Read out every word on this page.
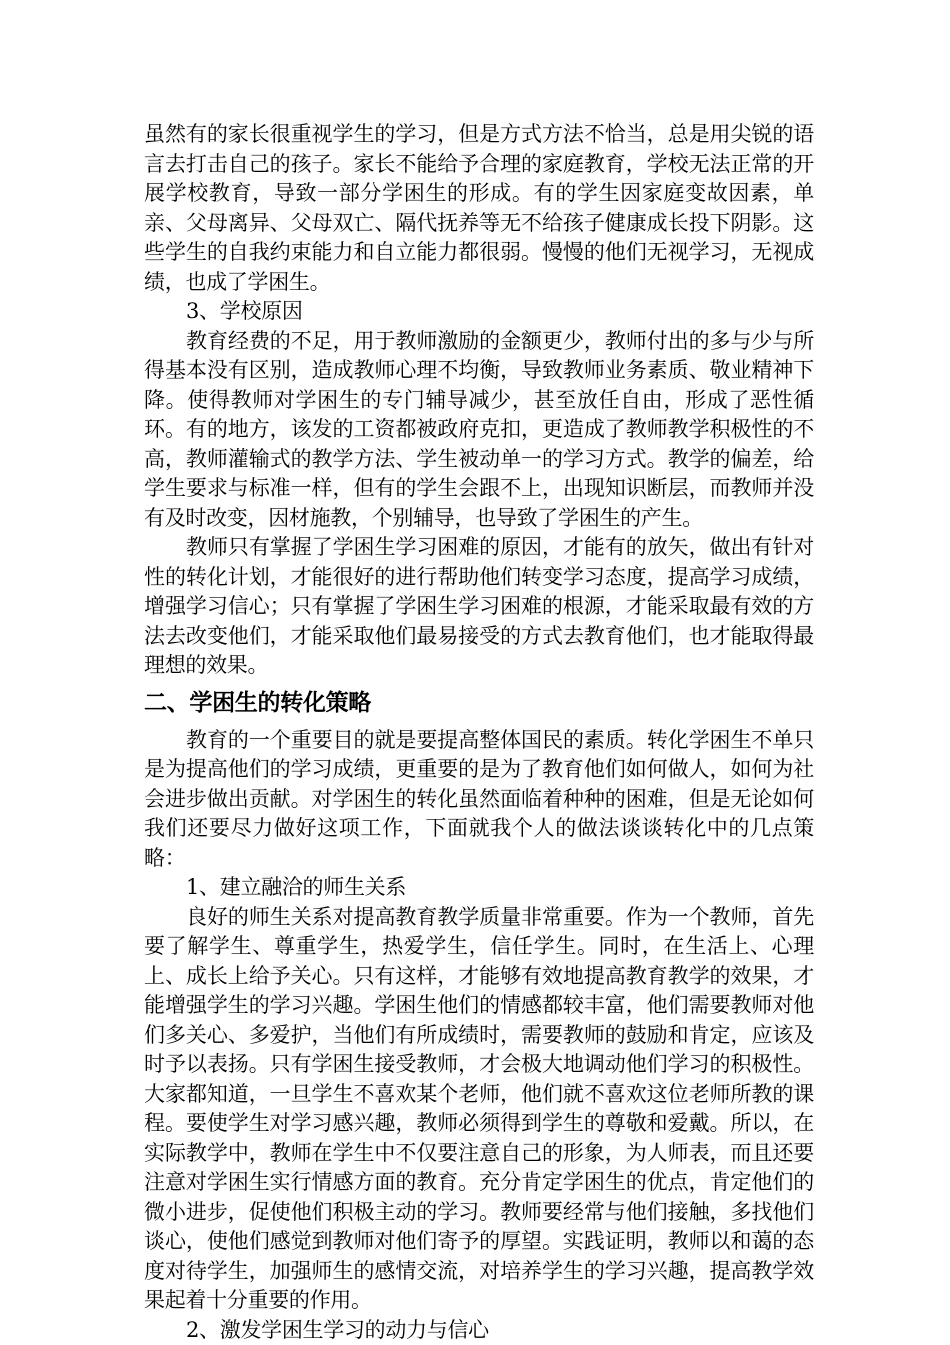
虽然有的家长很重视学生的学习，但是方式方法不恰当，总是用尖锐的语言去打击自己的孩子。家长不能给予合理的家庭教育，学校无法正常的开展学校教育，导致一部分学困生的形成。有的学生因家庭变故因素，单亲、父母离异、父母双亡、隔代抚养等无不给孩子健康成长投下阴影。这些学生的自我约束能力和自立能力都很弱。慢慢的他们无视学习，无视成绩，也成了学困生。

3、学校原因

教育经费的不足，用于教师激励的金额更少，教师付出的多与少与所得基本没有区别，造成教师心理不均衡，导致教师业务素质、敬业精神下降。使得教师对学困生的专门辅导减少，甚至放任自由，形成了恶性循环。有的地方，该发的工资都被政府克扣，更造成了教师教学积极性的不高，教师灌输式的教学方法、学生被动单一的学习方式。教学的偏差，给学生要求与标准一样，但有的学生会跟不上，出现知识断层，而教师并没有及时改变，因材施教，个别辅导，也导致了学困生的产生。

教师只有掌握了学困生学习困难的原因，才能有的放矢，做出有针对性的转化计划，才能很好的进行帮助他们转变学习态度，提高学习成绩，增强学习信心；只有掌握了学困生学习困难的根源，才能采取最有效的方法去改变他们，才能采取他们最易接受的方式去教育他们，也才能取得最理想的效果。

二、学困生的转化策略

教育的一个重要目的就是要提高整体国民的素质。转化学困生不单只是为提高他们的学习成绩，更重要的是为了教育他们如何做人，如何为社会进步做出贡献。对学困生的转化虽然面临着种种的困难，但是无论如何我们还要尽力做好这项工作，下面就我个人的做法谈谈转化中的几点策略：

1、建立融洽的师生关系

良好的师生关系对提高教育教学质量非常重要。作为一个教师，首先要了解学生、尊重学生，热爱学生，信任学生。同时，在生活上、心理上、成长上给予关心。只有这样，才能够有效地提高教育教学的效果，才能增强学生的学习兴趣。学困生他们的情感都较丰富，他们需要教师对他们多关心、多爱护，当他们有所成绩时，需要教师的鼓励和肯定，应该及时予以表扬。只有学困生接受教师，才会极大地调动他们学习的积极性。大家都知道，一旦学生不喜欢某个老师，他们就不喜欢这位老师所教的课程。要使学生对学习感兴趣，教师必须得到学生的尊敬和爱戴。所以，在实际教学中，教师在学生中不仅要注意自己的形象，为人师表，而且还要注意对学困生实行情感方面的教育。充分肯定学困生的优点，肯定他们的微小进步，促使他们积极主动的学习。教师要经常与他们接触，多找他们谈心，使他们感觉到教师对他们寄予的厚望。实践证明，教师以和蔼的态度对待学生，加强师生的感情交流，对培养学生的学习兴趣，提高教学效果起着十分重要的作用。

2、激发学困生学习的动力与信心
